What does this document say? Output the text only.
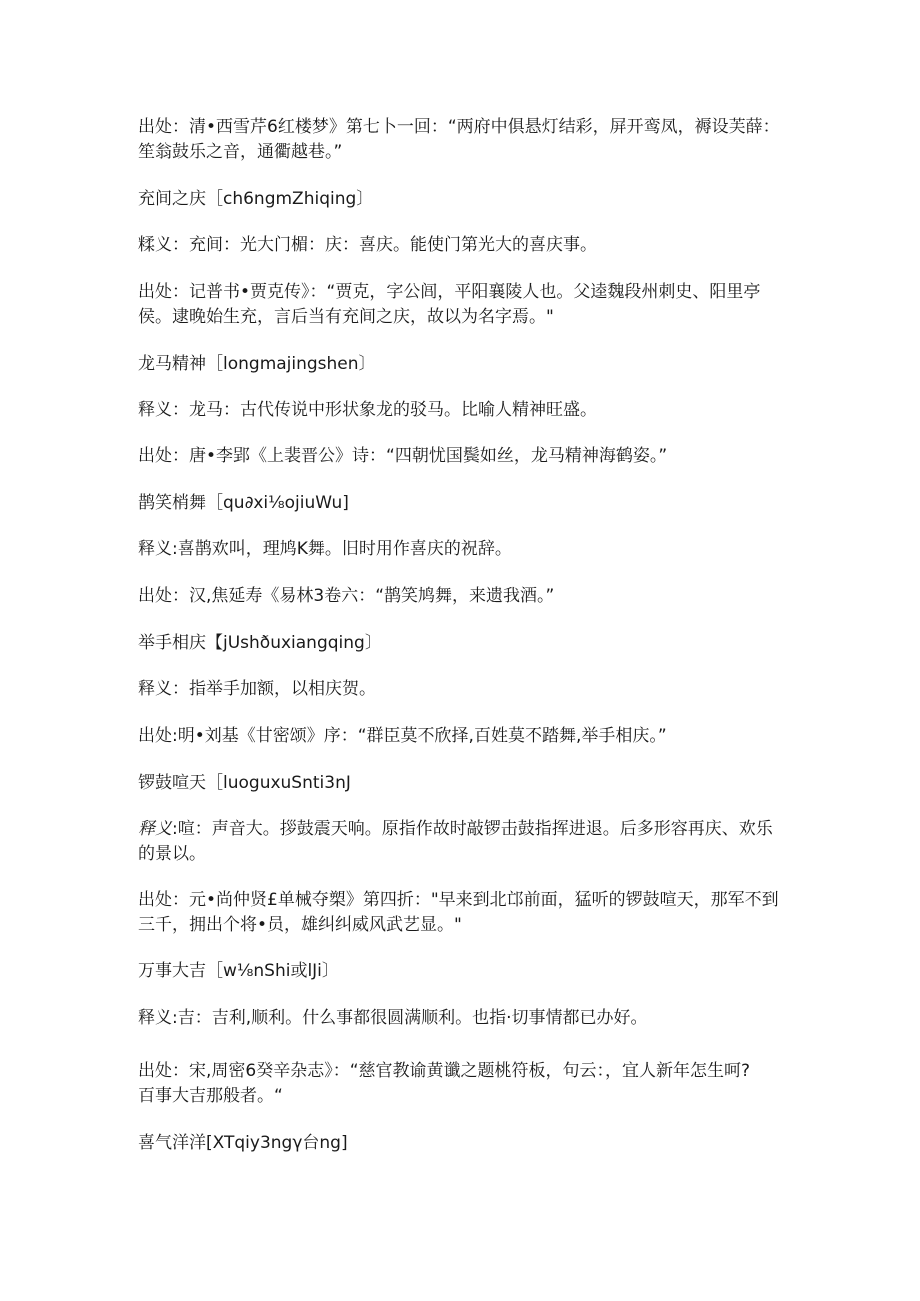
出处：清•西雪芹6红楼梦》第七卜一回：“两府中俱悬灯结彩，屏开鸾凤，褥设芙薛：
笙翁鼓乐之音，通衢越巷。”

充间之庆［ch6ngmZhiqing〕

糅义：充间：光大门楣：庆：喜庆。能使门第光大的喜庆事。

出处：记普书•贾克传》：“贾克，字公闾，平阳襄陵人也。父逵魏段州刺史、阳里亭
侯。逮晚始生充，言后当有充间之庆，故以为名字焉。"

龙马精神［longmajingshen〕

释义：龙马：古代传说中形状象龙的驳马。比喻人精神旺盛。

出处：唐•李郢《上裴晋公》诗：“四朝忧国鬓如丝，龙马精神海鹤姿。”

鹊笑梢舞［qu∂xi⅛ojiuWu]

释义:喜鹊欢叫，理鸠K舞。旧时用作喜庆的祝辞。

出处：汉,焦延寿《易林3卷六：“鹊笑鸠舞，来遗我酒。”

举手相庆【jUshðuxiangqing〕

释义：指举手加额，以相庆贺。

出处:明•刘基《甘密颂》序：“群臣莫不欣择,百姓莫不踏舞,举手相庆。”

锣鼓喧天［luoguxuSnti3nJ

释义:喧：声音大。拶鼓震天响。原指作故时敲锣击鼓指挥进退。后多形容再庆、欢乐
的景以。

出处：元•尚仲贤£单械夺槊》第四折："早来到北邙前面，猛听的锣鼓喧天，那军不到
三千，拥出个将•员，雄纠纠威风武艺显。"

万事大吉［w⅛nShi或lJi〕

释义:吉：吉利,顺利。什么事都很圆满顺利。也指·切事情都已办好。

出处：宋,周密6癸辛杂志》：“慈官教谕黄谶之题桃符板，句云：，宜人新年怎生呵?
百事大吉那般者。“

喜气洋洋[XTqiy3ngγ台ng]
